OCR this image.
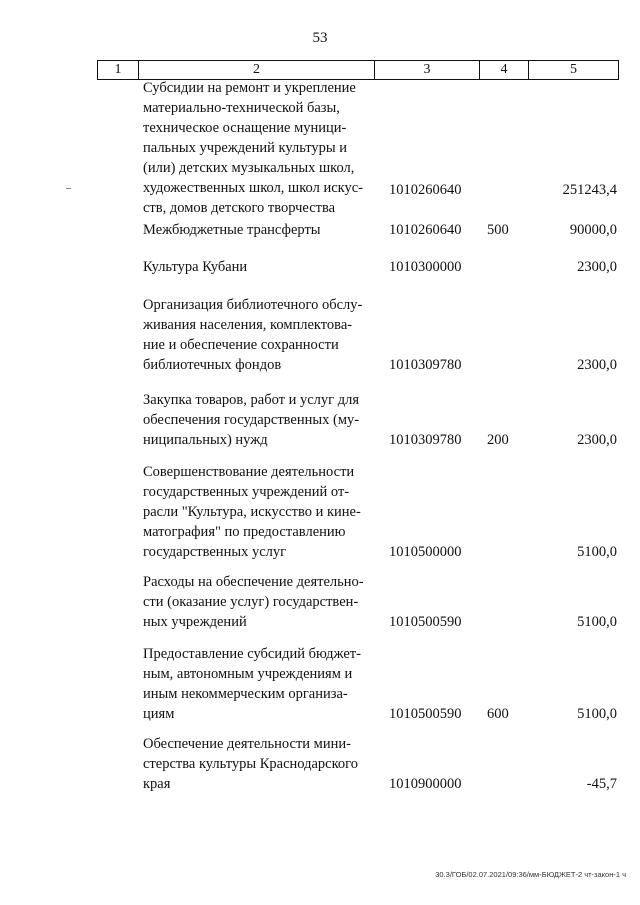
53
1	2	3	4	5
Субсидии на ремонт и укрепление
материально-технической базы,
техническое оснащение муници-
пальных учреждений культуры и
(или) детских музыкальных школ,
художественных школ, школ искус-
ств, домов детского творчества
1010260640	251243,4
Межбюджетные трансферты	1010260640 500	90000,0
Культура Кубани	1010300000	2300,0
Организация библиотечного обслу-
живания населения, комплектова-
ние и обеспечение сохранности
библиотечных фондов	1010309780	2300,0
Закупка товаров, работ и услуг для
обеспечения государственных (му-
ниципальных) нужд	1010309780 200	2300,0
Совершенствование деятельности
государственных учреждений от-
расли "Культура, искусство и кине-
матография" по предоставлению
государственных услуг	1010500000	5100,0
Расходы на обеспечение деятельно-
сти (оказание услуг) государствен-
ных учреждений	1010500590	5100,0
Предоставление субсидий бюджет-
ным, автономным учреждениям и
иным некоммерческим организа-
циям	1010500590 600	5100,0
Обеспечение деятельности мини-
стерства культуры Краснодарского
края	1010900000	-45,7
30.3/ГОБ/02.07.2021/09:36/мм-БЮДЖЕТ-2 чт-закон-1 ч
